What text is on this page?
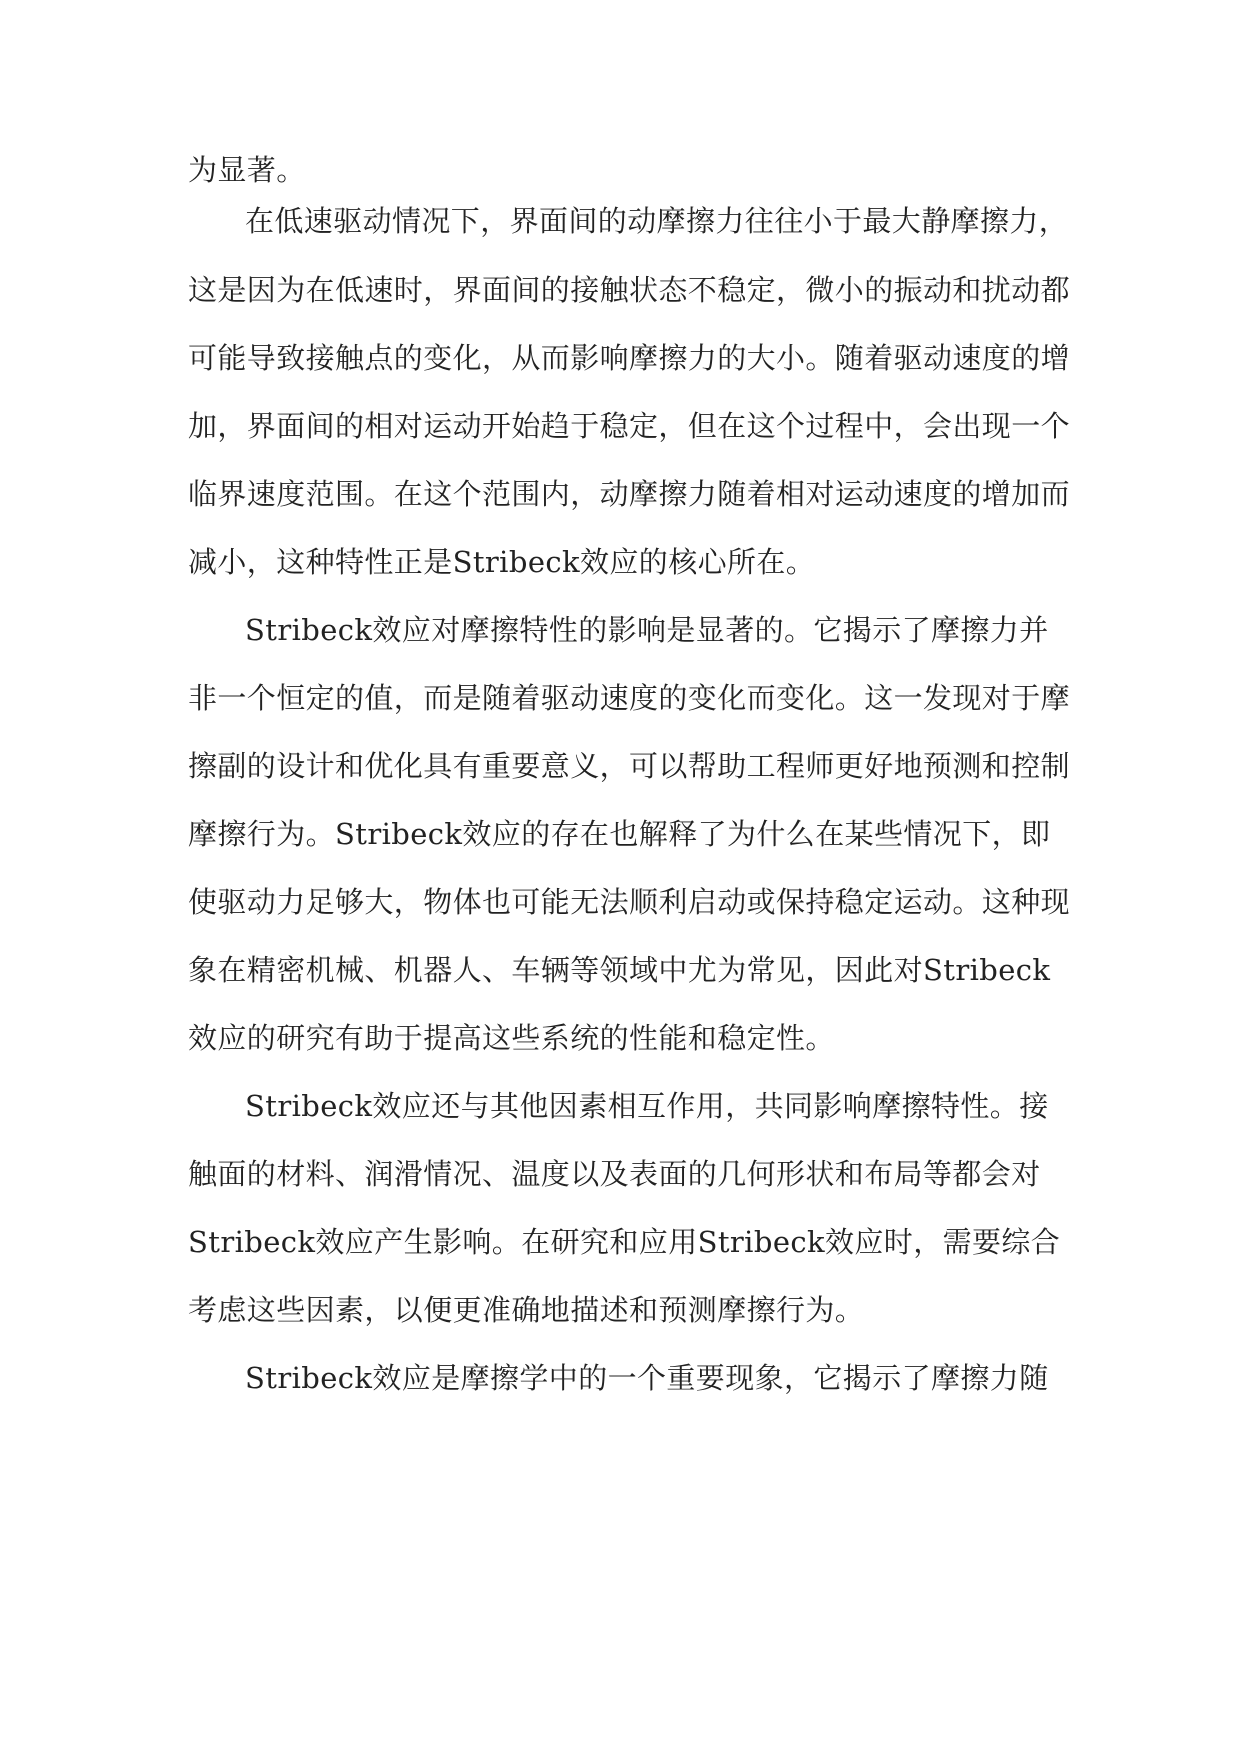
为显著。
在低速驱动情况下，界面间的动摩擦力往往小于最大静摩擦力，
这是因为在低速时，界面间的接触状态不稳定，微小的振动和扰动都
可能导致接触点的变化，从而影响摩擦力的大小。随着驱动速度的增
加，界面间的相对运动开始趋于稳定，但在这个过程中，会出现一个
临界速度范围。在这个范围内，动摩擦力随着相对运动速度的增加而
减小，这种特性正是Stribeck效应的核心所在。
Stribeck效应对摩擦特性的影响是显著的。它揭示了摩擦力并
非一个恒定的值，而是随着驱动速度的变化而变化。这一发现对于摩
擦副的设计和优化具有重要意义，可以帮助工程师更好地预测和控制
摩擦行为。Stribeck效应的存在也解释了为什么在某些情况下，即
使驱动力足够大，物体也可能无法顺利启动或保持稳定运动。这种现
象在精密机械、机器人、车辆等领域中尤为常见，因此对Stribeck
效应的研究有助于提高这些系统的性能和稳定性。
Stribeck效应还与其他因素相互作用，共同影响摩擦特性。接
触面的材料、润滑情况、温度以及表面的几何形状和布局等都会对
Stribeck效应产生影响。在研究和应用Stribeck效应时，需要综合
考虑这些因素，以便更准确地描述和预测摩擦行为。
Stribeck效应是摩擦学中的一个重要现象，它揭示了摩擦力随
